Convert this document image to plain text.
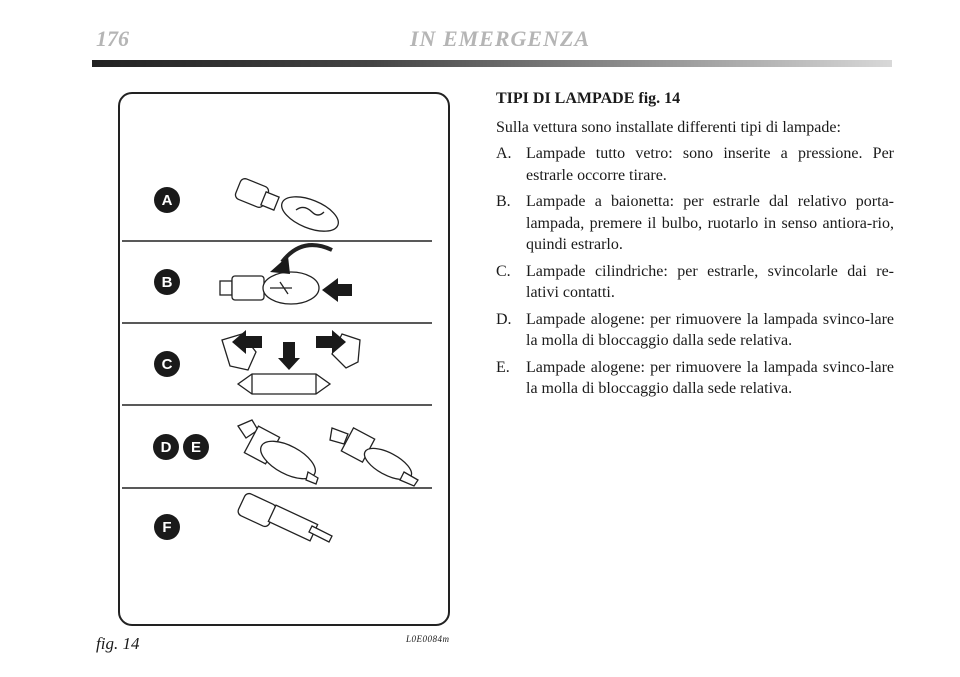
176	IN EMERGENZA
A
B
C
D E
F
fig. 14	L0E0084m
TIPI DI LAMPADE fig. 14

Sulla vettura sono installate differenti tipi di lampade:

A. Lampade tutto vetro: sono inserite a pressione. Per estrarle occorre tirare.
B. Lampade a baionetta: per estrarle dal relativo porta-lampada, premere il bulbo, ruotarlo in senso antiora-rio, quindi estrarlo.
C. Lampade cilindriche: per estrarle, svincolarle dai re-lativi contatti.
D. Lampade alogene: per rimuovere la lampada svinco-lare la molla di bloccaggio dalla sede relativa.
E.	Lampade alogene: per rimuovere la lampada svinco-lare la molla di bloccaggio dalla sede relativa.
